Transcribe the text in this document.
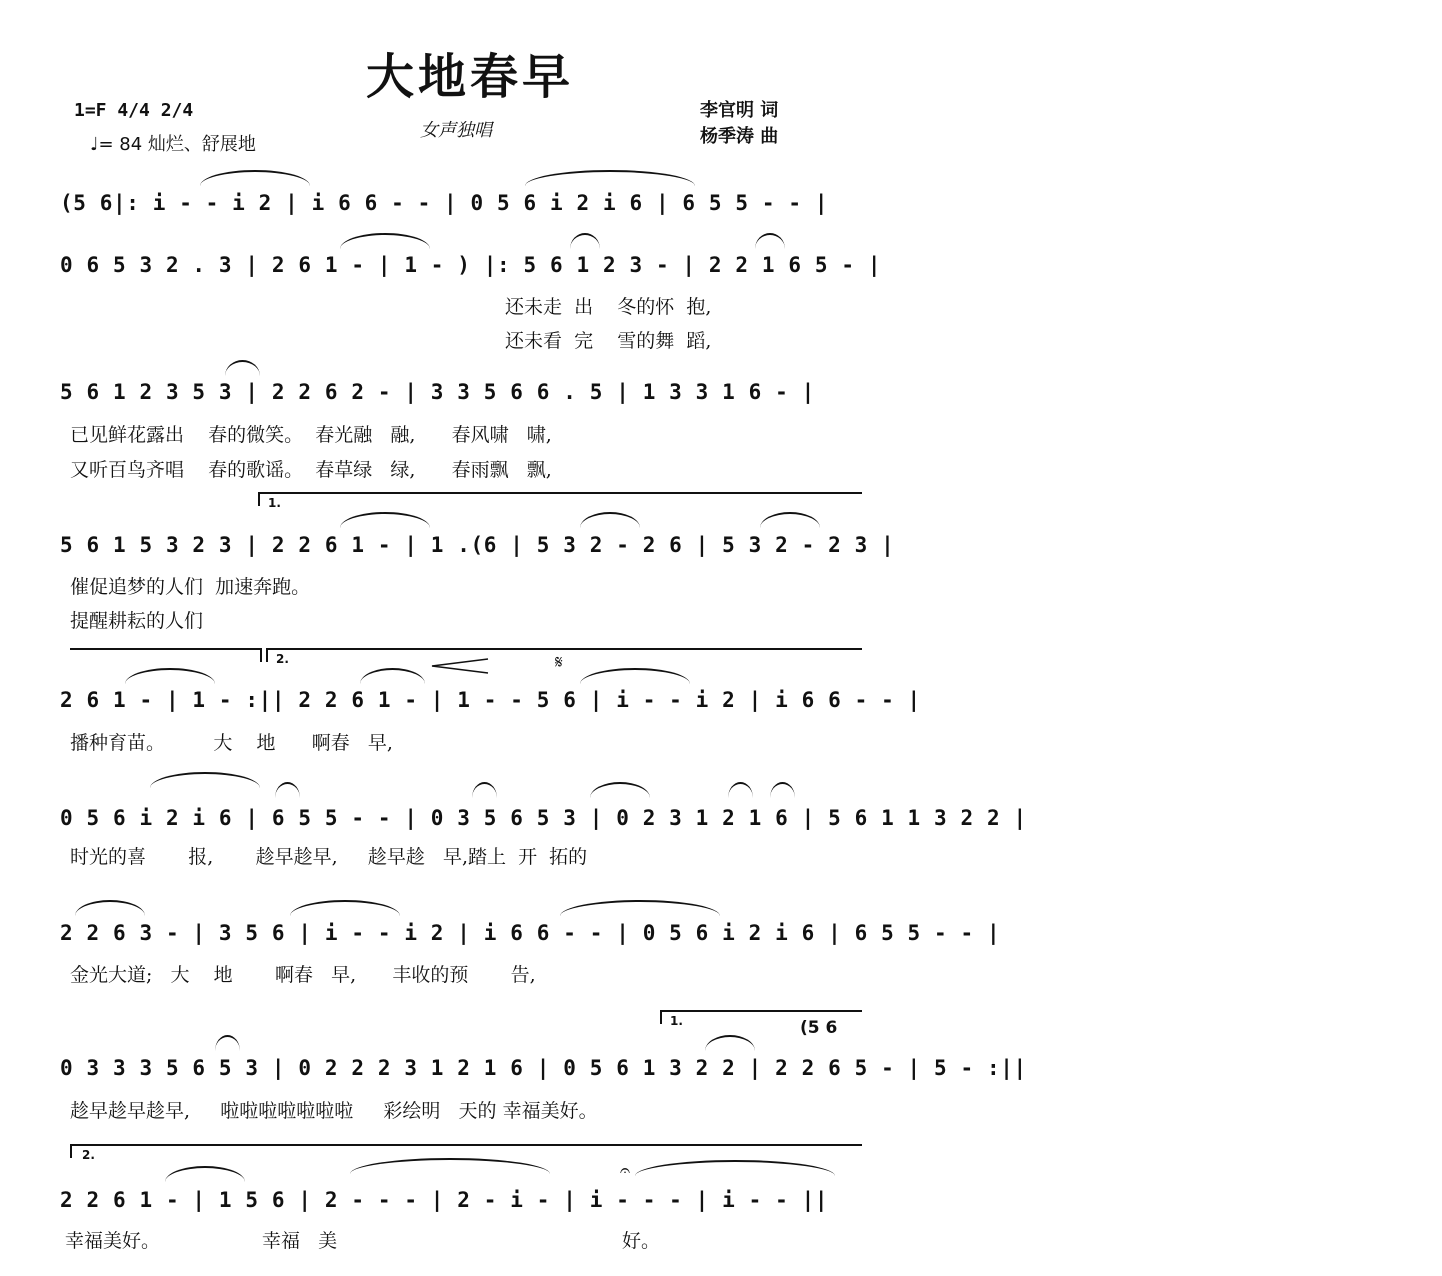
大地春早
1=F 4/4 2/4
♩= 84 灿烂、舒展地
女声独唱
李官明 词
杨季涛 曲
(5 6|: i - - i 2 | i 6 6 - - | 0 5 6 i 2 i 6 | 6 5 5 - - |
0 6 5 3 2 . 3 | 2 6 1 - | 1 - ) |: 5 6 1 2 3 - | 2 2 1 6 5 - |
还未走  出    冬的怀  抱,
还未看  完    雪的舞  蹈,
5 6 1 2 3 5 3 | 2 2 6 2 - | 3 3 5 6 6 . 5 | 1 3 3 1 6 - |
已见鲜花露出    春的微笑。  春光融   融,      春风啸   啸,
又听百鸟齐唱    春的歌谣。  春草绿   绿,      春雨飘   飘,
1.
5 6 1 5 3 2 3 | 2 2 6 1 - | 1 .(6 | 5 3 2 - 2 6 | 5 3 2 - 2 3 |
催促追梦的人们  加速奔跑。
提醒耕耘的人们
2.	𝄋
2 6 1 - | 1 - :|| 2 2 6 1 - | 1 - - 5 6 | i - - i 2 | i 6 6 - - |
播种育苗。        大    地      啊春   早,
0 5 6 i 2 i 6 | 6 5 5 - - | 0 3 5 6 5 3 | 0 2 3 1 2 1 6 | 5 6 1 1 3 2 2 |
时光的喜       报,       趁早趁早,     趁早趁   早,踏上  开  拓的
2 2 6 3 - | 3 5 6 | i - - i 2 | i 6 6 - - | 0 5 6 i 2 i 6 | 6 5 5 - - |
金光大道;   大    地       啊春   早,      丰收的预       告,
1.	(5 6
0 3 3 3 5 6 5 3 | 0 2 2 2 3 1 2 1 6 | 0 5 6 1 3 2 2 | 2 2 6 5 - | 5 - :||
趁早趁早趁早,     啦啦啦啦啦啦啦     彩绘明   天的 幸福美好。
2.
𝄐
2 2 6 1 - | 1 5 6 | 2 - - - | 2 - i - | i - - - | i - - ||
幸福美好。	幸福   美	好。
